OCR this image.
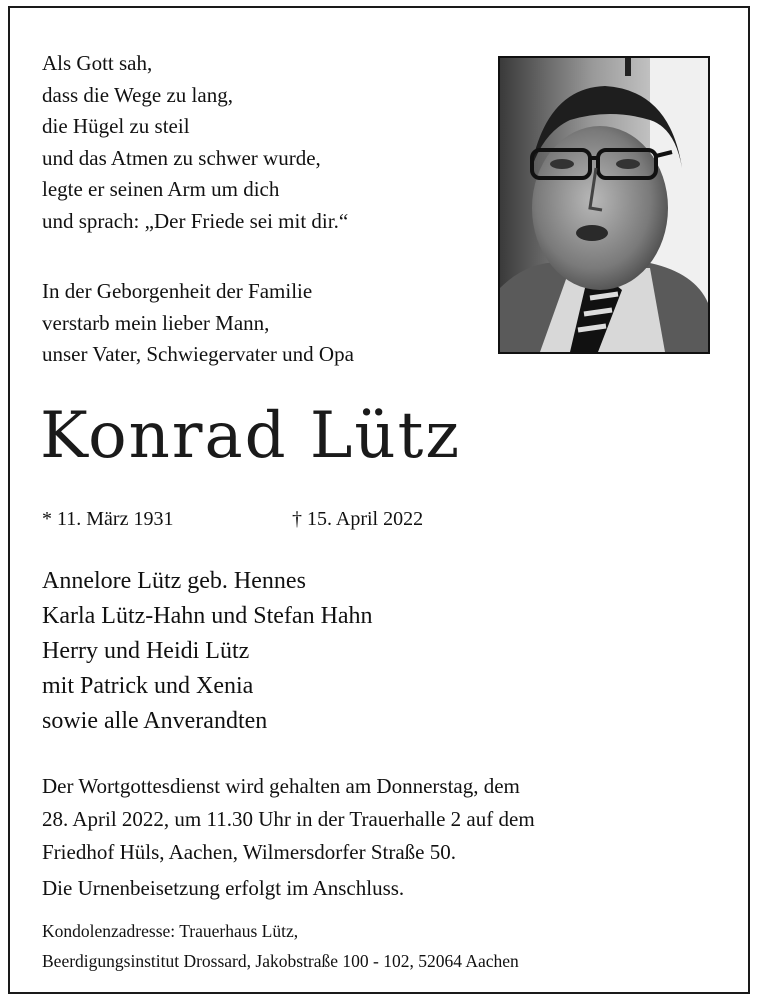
Als Gott sah,
dass die Wege zu lang,
die Hügel zu steil
und das Atmen zu schwer wurde,
legte er seinen Arm um dich
und sprach: „Der Friede sei mit dir.“
In der Geborgenheit der Familie
verstarb mein lieber Mann,
unser Vater, Schwiegervater und Opa
Konrad Lütz
* 11. März 1931	† 15. April 2022
Annelore Lütz geb. Hennes
Karla Lütz-Hahn und Stefan Hahn
Herry und Heidi Lütz
mit Patrick und Xenia
sowie alle Anverandten
Der Wortgottesdienst wird gehalten am Donnerstag, dem
28. April 2022, um 11.30 Uhr in der Trauerhalle 2 auf dem
Friedhof Hüls, Aachen, Wilmersdorfer Straße 50.
Die Urnenbeisetzung erfolgt im Anschluss.
Kondolenzadresse: Trauerhaus Lütz,
Beerdigungsinstitut Drossard, Jakobstraße 100 - 102, 52064 Aachen
